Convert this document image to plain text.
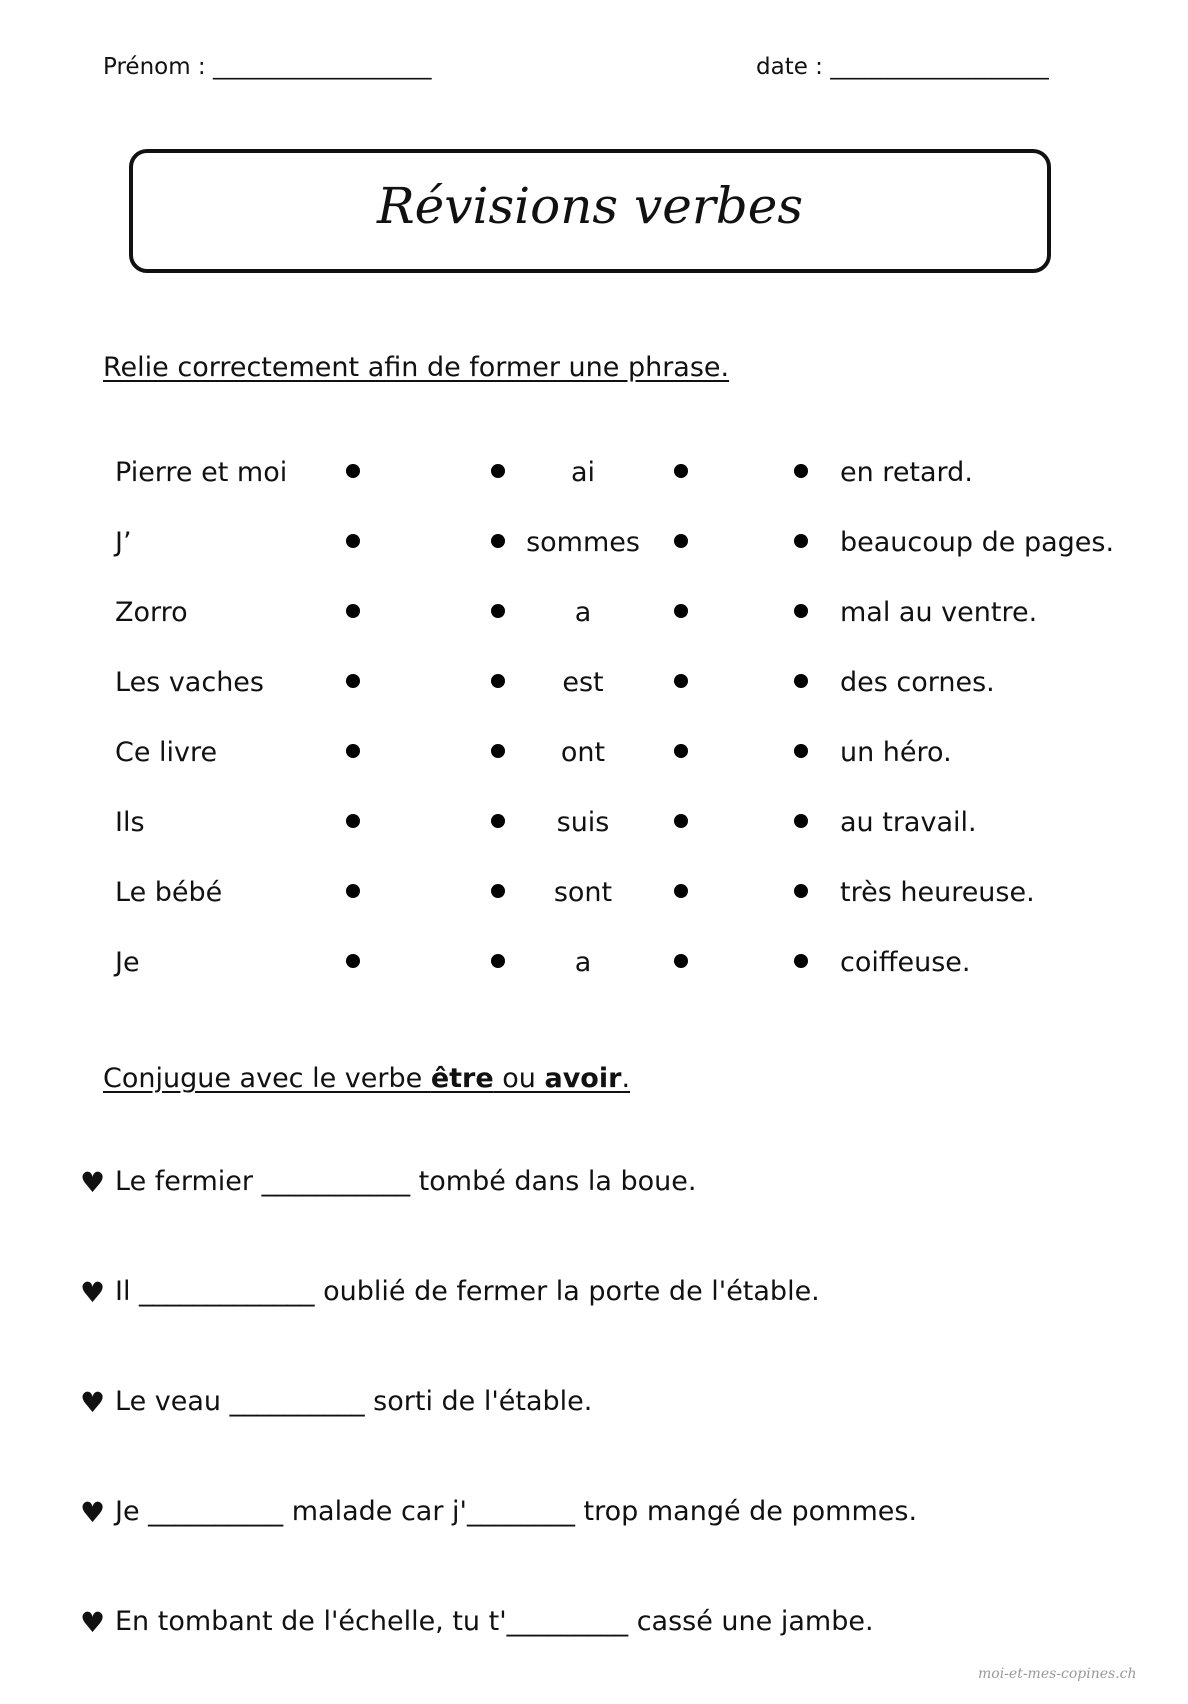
Prénom : ___________________	date : ___________________
Révisions verbes
Relie correctement afin de former une phrase.
Pierre et moi	ai	en retard.
J’	sommes	beaucoup de pages.
Zorro	a	mal au ventre.
Les vaches	est	des cornes.
Ce livre	ont	un héro.
Ils	suis	au travail.
Le bébé	sont	très heureuse.
Je	a	coiffeuse.
Conjugue avec le verbe être ou avoir.
♥ Le fermier ___________ tombé dans la boue.
♥ Il _____________ oublié de fermer la porte de l'étable.
♥ Le veau __________ sorti de l'étable.
♥ Je __________ malade car j'________ trop mangé de pommes.
♥ En tombant de l'échelle, tu t'_________ cassé une jambe.
moi-et-mes-copines.ch
